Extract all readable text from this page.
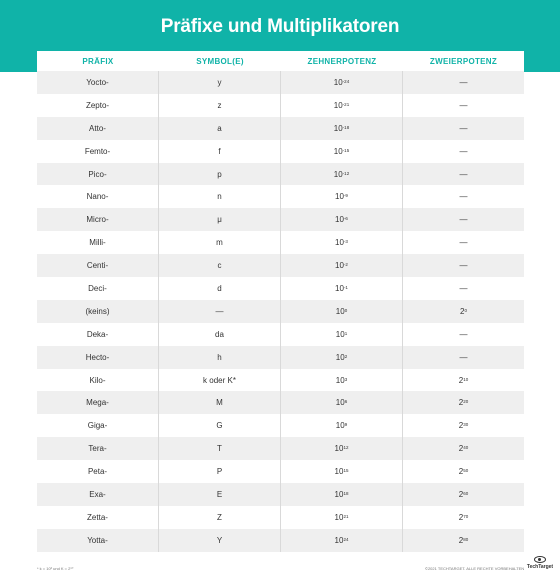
Präfixe und Multiplikatoren
PRÄFIX	SYMBOL(E)	ZEHNERPOTENZ	ZWEIERPOTENZ
Yocto-	y	$10^{-24}$	—
Zepto-	z	$10^{-21}$	—
Atto-	a	$10^{-18}$	—
Femto-	f	$10^{-15}$	—
Pico-	p	$10^{-12}$	—
Nano-	n	$10^{-9}$	—
Micro-	μ	$10^{-6}$	—
Milli-	m	$10^{-3}$	—
Centi-	c	$10^{-2}$	—
Deci-	d	$10^{-1}$	—
(keins)	—	$10^0$	$2^0$
Deka-	da	$10^1$	—
Hecto-	h	$10^2$	—
Kilo-	k oder K*	$10^3$	$2^{10}$
Mega-	M	$10^6$	$2^{20}$
Giga-	G	$10^9$	$2^{30}$
Tera-	T	$10^{12}$	$2^{40}$
Peta-	P	$10^{15}$	$2^{50}$
Exa-	E	$10^{18}$	$2^{60}$
Zetta-	Z	$10^{21}$	$2^{70}$
Yotta-	Y	$10^{24}$	$2^{80}$
* k = 10³ und K = 2¹⁰	©2021 TECHTARGET. ALLE RECHTE VORBEHALTEN TechTarget
